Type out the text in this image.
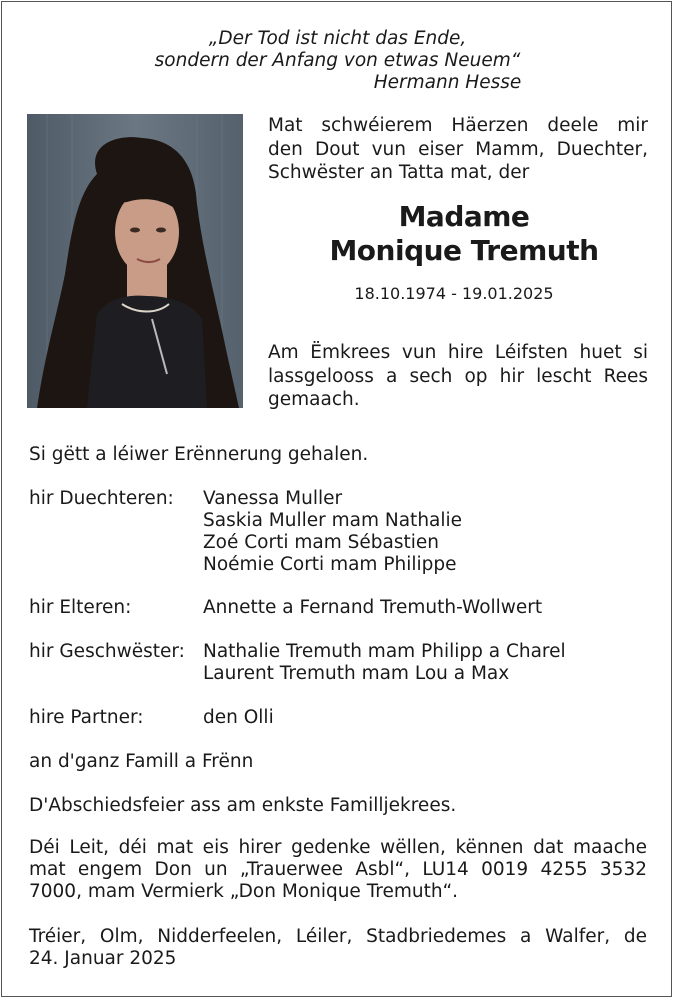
„Der Tod ist nicht das Ende,
sondern der Anfang von etwas Neuem“
Hermann Hesse
Mat schwéierem Häerzen deele mir
den Dout vun eiser Mamm, Duechter,
Schwëster an Tatta mat, der
Madame
Monique Tremuth
18.10.1974 - 19.01.2025
Am Ëmkrees vun hire Léifsten huet si
lassgelooss a sech op hir lescht Rees
gemaach.
Si gëtt a léiwer Erënnerung gehalen.
hir Duechteren: Vanessa Muller
Saskia Muller mam Nathalie
Zoé Corti mam Sébastien
Noémie Corti mam Philippe
hir Elteren:	Annette a Fernand Tremuth-Wollwert
hir Geschwëster: Nathalie Tremuth mam Philipp a Charel
Laurent Tremuth mam Lou a Max
hire Partner:	den Olli
an d'ganz Famill a Frënn
D'Abschiedsfeier ass am enkste Familljekrees.
Déi Leit, déi mat eis hirer gedenke wëllen, kënnen dat maache
mat engem Don un „Trauerwee Asbl“, LU14 0019 4255 3532
7000, mam Vermierk „Don Monique Tremuth“.
Tréier, Olm, Nidderfeelen, Léiler, Stadbriedemes a Walfer, de
24. Januar 2025
